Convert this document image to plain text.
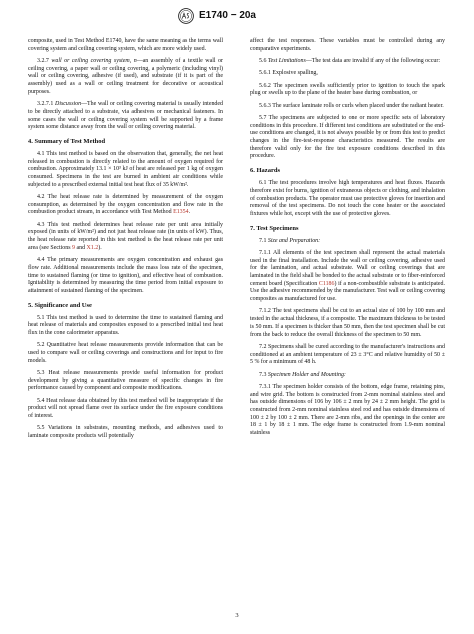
E1740 − 20a

composite, used in Test Method E1740, have the same meaning as the terms wall covering system and ceiling covering system, which are more widely used.

3.2.7 wall or ceiling covering system, n—an assembly of a textile wall or ceiling covering, a paper wall or ceiling covering, a polymeric (including vinyl) wall or ceiling covering, adhesive (if used), and substrate (if it is part of the assembly) used as a wall or ceiling treatment for decorative or acoustical purposes.

3.2.7.1 Discussion—The wall or ceiling covering material is usually intended to be directly attached to a substrate, via adhesives or mechanical fasteners. In some cases the wall or ceiling covering system will be supported by a frame system some distance away from the wall or ceiling covering material.

4. Summary of Test Method

4.1 This test method is based on the observation that, generally, the net heat released in combustion is directly related to the amount of oxygen required for combustion. Approximately 13.1 × 10³ kJ of heat are released per 1 kg of oxygen consumed. Specimens in the test are burned in ambient air conditions while subjected to a prescribed external initial test heat flux of 35 kW/m².

4.2 The heat release rate is determined by measurement of the oxygen consumption, as determined by the oxygen concentration and flow rate in the combustion product stream, in accordance with Test Method E1354.

4.3 This test method determines heat release rate per unit area initially exposed (in units of kW/m²) and not just heat release rate (in units of kW). Thus, the heat release rate reported in this test method is the heat release rate per unit area (see Sections 9 and X1.2).

4.4 The primary measurements are oxygen concentration and exhaust gas flow rate. Additional measurements include the mass loss rate of the specimen, time to sustained flaming (or time to ignition), and effective heat of combustion. Ignitability is determined by measuring the time period from initial exposure to attainment of sustained flaming of the specimen.

5. Significance and Use

5.1 This test method is used to determine the time to sustained flaming and heat release of materials and composites exposed to a prescribed initial test heat flux in the cone calorimeter apparatus.

5.2 Quantitative heat release measurements provide information that can be used to compare wall or ceiling coverings and constructions and for input to fire models.

5.3 Heat release measurements provide useful information for product development by giving a quantitative measure of specific changes in fire performance caused by component and composite modifications.

5.4 Heat release data obtained by this test method will be inappropriate if the product will not spread flame over its surface under the fire exposure conditions of interest.

5.5 Variations in substrates, mounting methods, and adhesives used to laminate composite products will potentially

affect the test responses. These variables must be controlled during any comparative experiments.

5.6 Test Limitations—The test data are invalid if any of the following occur:

5.6.1 Explosive spalling,

5.6.2 The specimen swells sufficiently prior to ignition to touch the spark plug or swells up to the plane of the heater base during combustion, or

5.6.3 The surface laminate rolls or curls when placed under the radiant heater.

5.7 The specimens are subjected to one or more specific sets of laboratory conditions in this procedure. If different test conditions are substituted or the end-use conditions are changed, it is not always possible by or from this test to predict changes in the fire-test-response characteristics measured. The results are therefore valid only for the fire test exposure conditions described in this procedure.

6. Hazards

6.1 The test procedures involve high temperatures and heat fluxes. Hazards therefore exist for burns, ignition of extraneous objects or clothing, and inhalation of combustion products. The operator must use protective gloves for insertion and removal of the test specimens. Do not touch the cone heater or the associated fixtures while hot, except with the use of protective gloves.

7. Test Specimens

7.1 Size and Preparation:

7.1.1 All elements of the test specimen shall represent the actual materials used in the final installation. Include the wall or ceiling covering, adhesive used for the lamination, and actual substrate. Wall or ceiling coverings that are laminated in the field shall be bonded to the actual substrate or to fiber-reinforced cement board (Specification C1186) if a non-combustible substrate is anticipated. Use the adhesive recommended by the manufacturer. Test wall or ceiling covering composites as manufactured for use.

7.1.2 The test specimens shall be cut to an actual size of 100 by 100 mm and tested in the actual thickness, if a composite. The maximum thickness to be tested is 50 mm. If a specimen is thicker than 50 mm, then the test specimen shall be cut from the back to reduce the overall thickness of the specimen to 50 mm.

7.2 Specimens shall be cured according to the manufacturer's instructions and conditioned at an ambient temperature of 23 ± 3°C and relative humidity of 50 ± 5 % for a minimum of 48 h.

7.3 Specimen Holder and Mounting:

7.3.1 The specimen holder consists of the bottom, edge frame, retaining pins, and wire grid. The bottom is constructed from 2-mm nominal stainless steel and has outside dimensions of 106 by 106 ± 2 mm by 24 ± 2 mm height. The grid is constructed from 2-mm nominal stainless steel rod and has outside dimensions of 100 ± 2 by 100 ± 2 mm. There are 2-mm ribs, and the openings in the center are 18 ± 1 by 18 ± 1 mm. The edge frame is constructed from 1.9-mm nominal stainless

3
